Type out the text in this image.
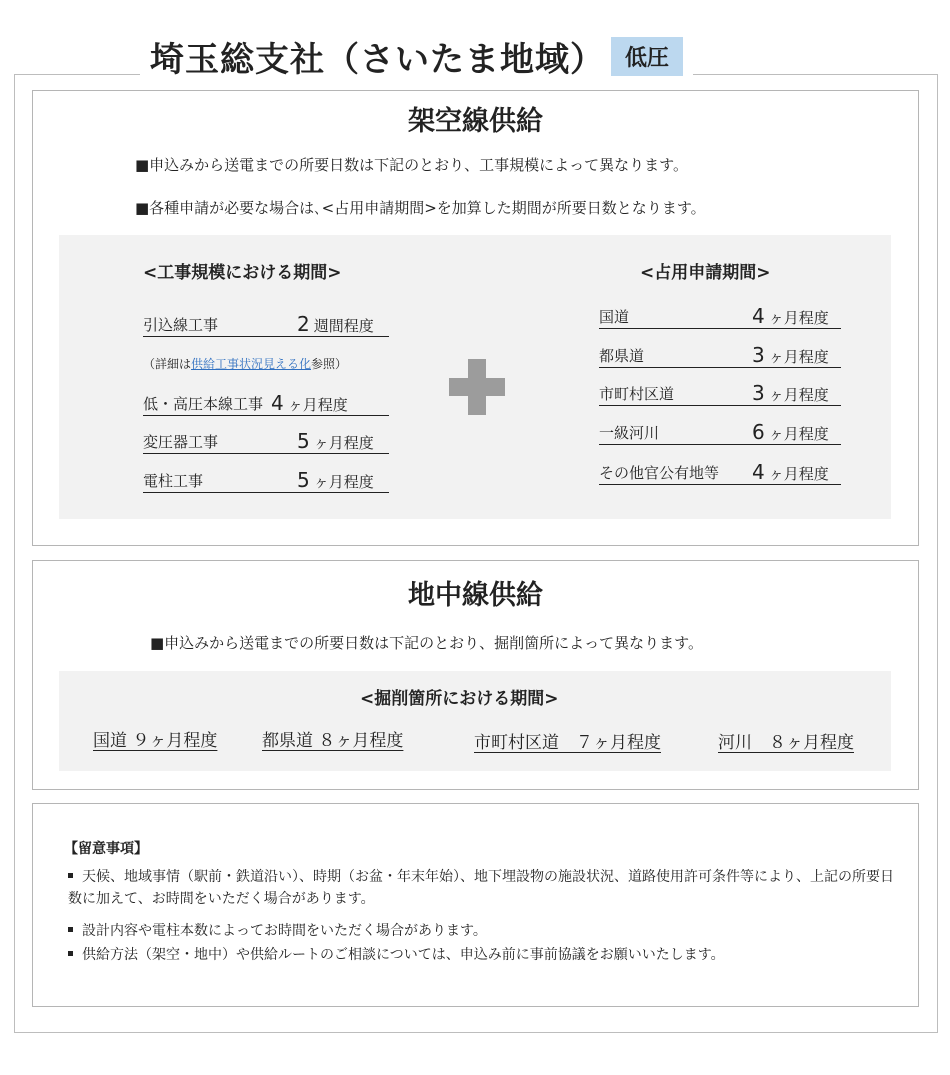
埼玉総支社（さいたま地域） 低圧
架空線供給
■申込みから送電までの所要日数は下記のとおり、工事規模によって異なります。
■各種申請が必要な場合は､<占用申請期間>を加算した期間が所要日数となります。
<工事規模における期間>	<占用申請期間>
引込線工事	2 週間程度
（詳細は供給工事状況見える化参照）
低・高圧本線工事 4 ヶ月程度
変圧器工事	5 ヶ月程度
電柱工事	5 ヶ月程度
国道	4 ヶ月程度
都県道	3 ヶ月程度
市町村区道	3 ヶ月程度
一級河川	6 ヶ月程度
その他官公有地等 4 ヶ月程度
地中線供給
■申込みから送電までの所要日数は下記のとおり、掘削箇所によって異なります。
<掘削箇所における期間>
国道 ９ヶ月程度	都県道 ８ヶ月程度	市町村区道　７ヶ月程度	河川　８ヶ月程度
【留意事項】
天候、地域事情（駅前・鉄道沿い）、時期（お盆・年末年始）、地下埋設物の施設状況、道路使用許可条件等により、上記の所要日数に加えて、お時間をいただく場合があります。
設計内容や電柱本数によってお時間をいただく場合があります。
供給方法（架空・地中）や供給ルートのご相談については、申込み前に事前協議をお願いいたします。
